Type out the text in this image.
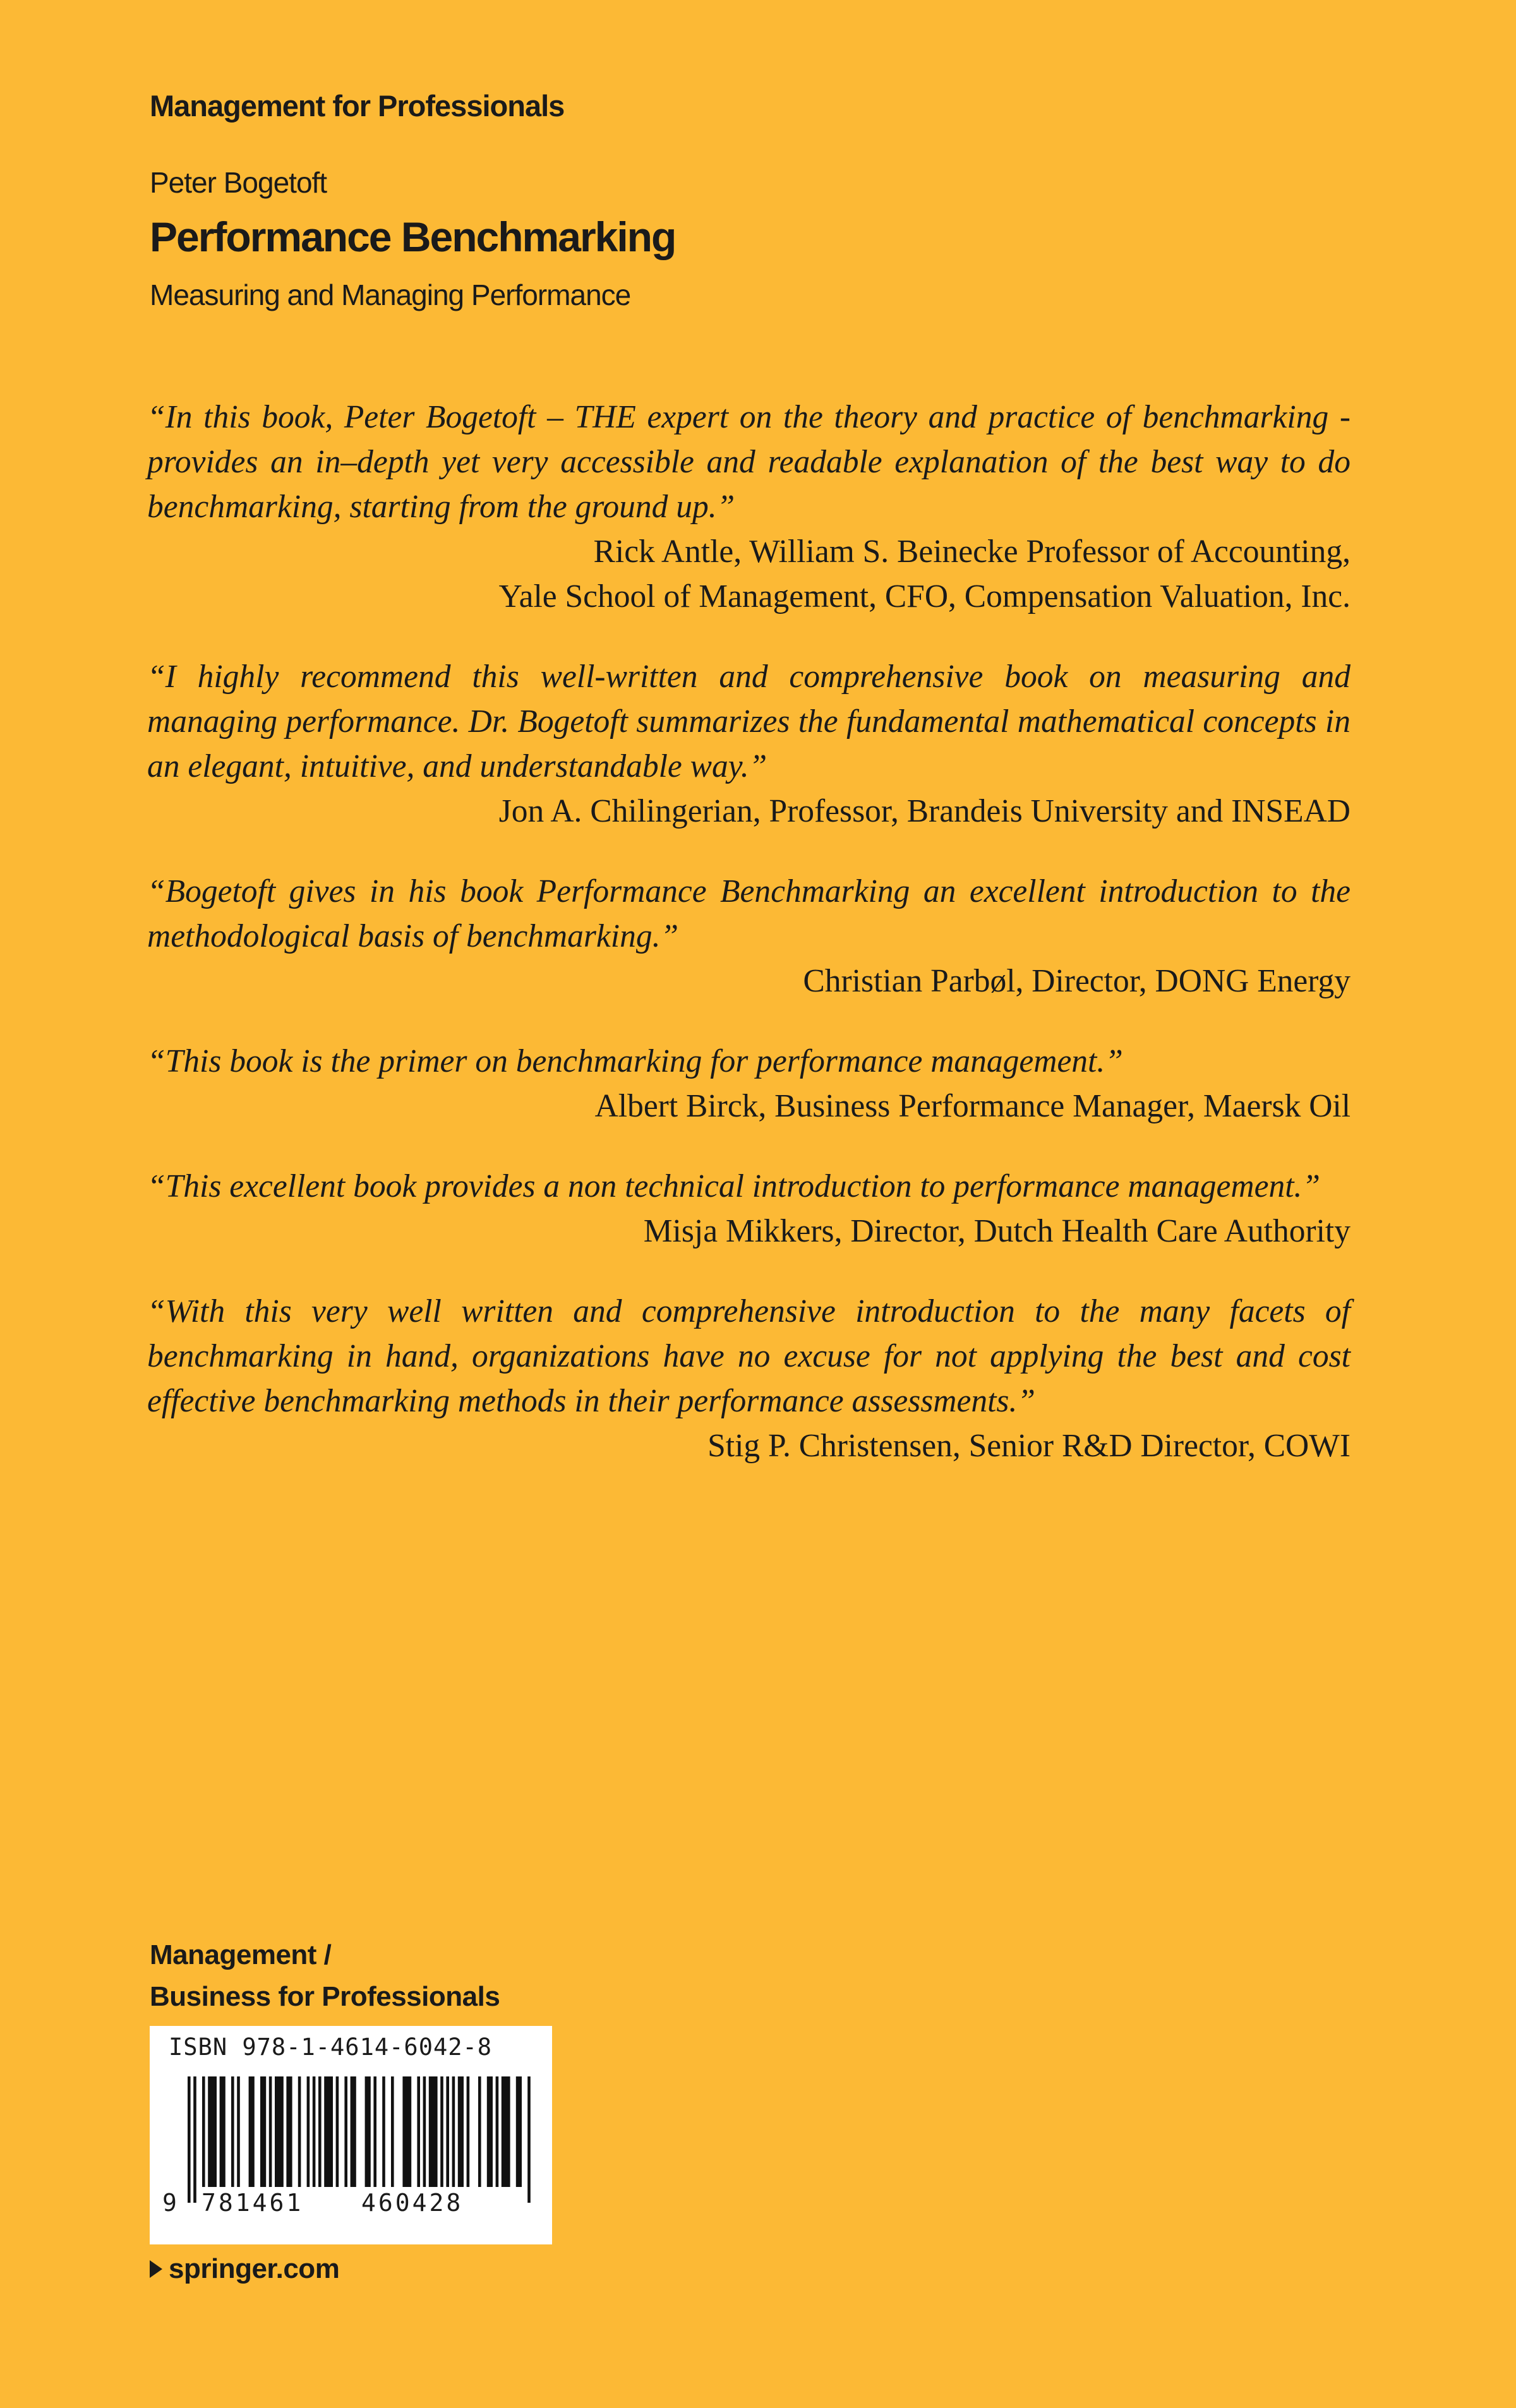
Management for Professionals
Peter Bogetoft
Performance Benchmarking
Measuring and Managing Performance
“In this book, Peter Bogetoft – THE expert on the theory and practice of benchmarking - provides an in–depth yet very accessible and readable explanation of the best way to do benchmarking, starting from the ground up.”
Rick Antle, William S. Beinecke Professor of Accounting,
Yale School of Management, CFO, Compensation Valuation, Inc.
“I highly recommend this well-written and comprehensive book on measuring and managing performance. Dr. Bogetoft summarizes the fundamental mathematical concepts in an elegant, intuitive, and understandable way.”
Jon A. Chilingerian, Professor, Brandeis University and INSEAD
“Bogetoft gives in his book Performance Benchmarking an excellent introduction to the methodological basis of benchmarking.”
Christian Parbøl, Director, DONG Energy
“This book is the primer on benchmarking for performance management.”
Albert Birck, Business Performance Manager, Maersk Oil
“This excellent book provides a non technical introduction to performance management.”
Misja Mikkers, Director, Dutch Health Care Authority
“With this very well written and comprehensive introduction to the many facets of benchmarking in hand, organizations have no excuse for not applying the best and cost effective benchmarking methods in their performance assessments.”
Stig P. Christensen, Senior R&D Director, COWI
Management /
Business for Professionals
ISBN 978-1-4614-6042-8
9 781461 460428
springer.com
